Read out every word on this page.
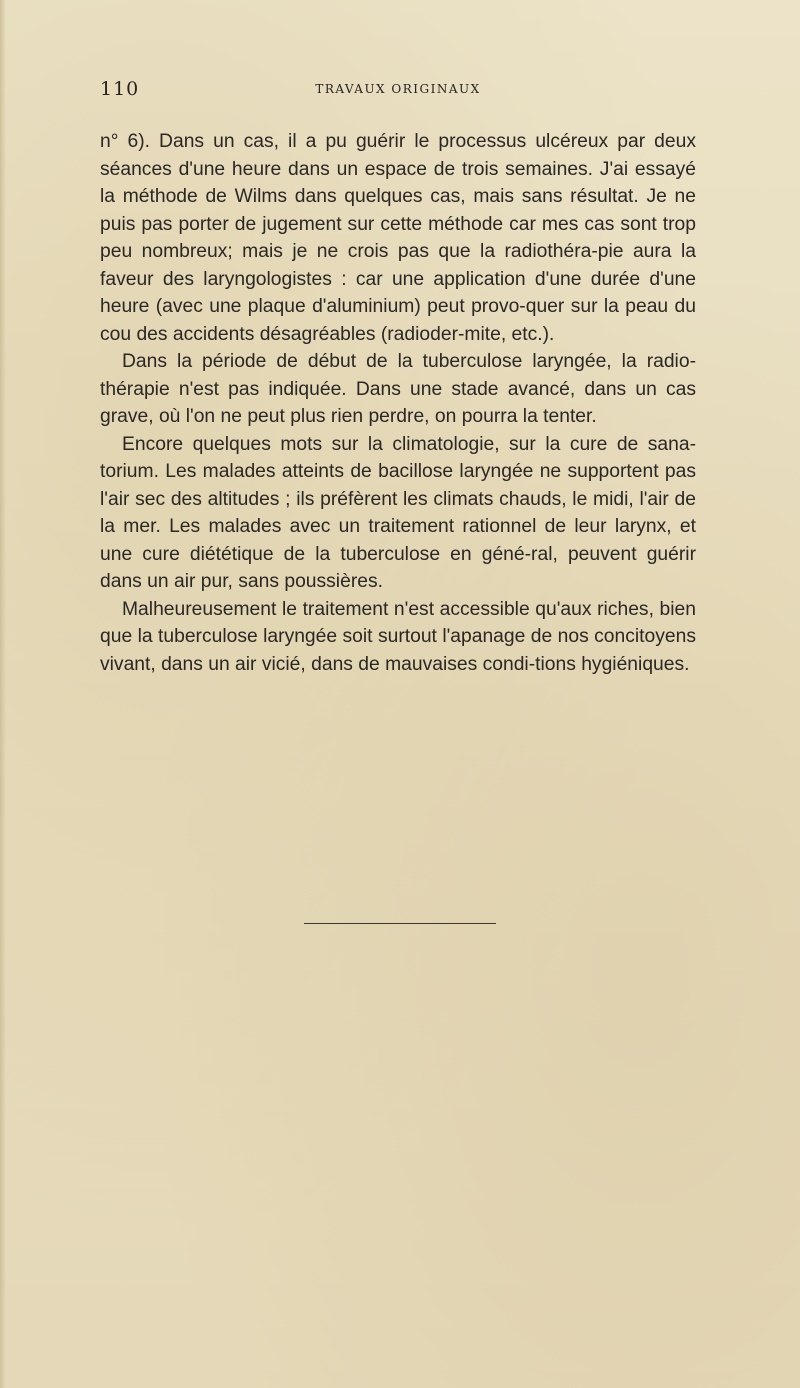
110	TRAVAUX ORIGINAUX

n° 6). Dans un cas, il a pu guérir le processus ulcéreux par deux séances d'une heure dans un espace de trois semaines. J'ai essayé la méthode de Wilms dans quelques cas, mais sans résultat. Je ne puis pas porter de jugement sur cette méthode car mes cas sont trop peu nombreux; mais je ne crois pas que la radiothéra-pie aura la faveur des laryngologistes : car une application d'une durée d'une heure (avec une plaque d'aluminium) peut provo-quer sur la peau du cou des accidents désagréables (radioder-mite, etc.).

Dans la période de début de la tuberculose laryngée, la radio-thérapie n'est pas indiquée. Dans une stade avancé, dans un cas grave, où l'on ne peut plus rien perdre, on pourra la tenter.

Encore quelques mots sur la climatologie, sur la cure de sana-torium. Les malades atteints de bacillose laryngée ne supportent pas l'air sec des altitudes ; ils préfèrent les climats chauds, le midi, l'air de la mer. Les malades avec un traitement rationnel de leur larynx, et une cure diététique de la tuberculose en géné-ral, peuvent guérir dans un air pur, sans poussières.

Malheureusement le traitement n'est accessible qu'aux riches, bien que la tuberculose laryngée soit surtout l'apanage de nos concitoyens vivant, dans un air vicié, dans de mauvaises condi-tions hygiéniques.
